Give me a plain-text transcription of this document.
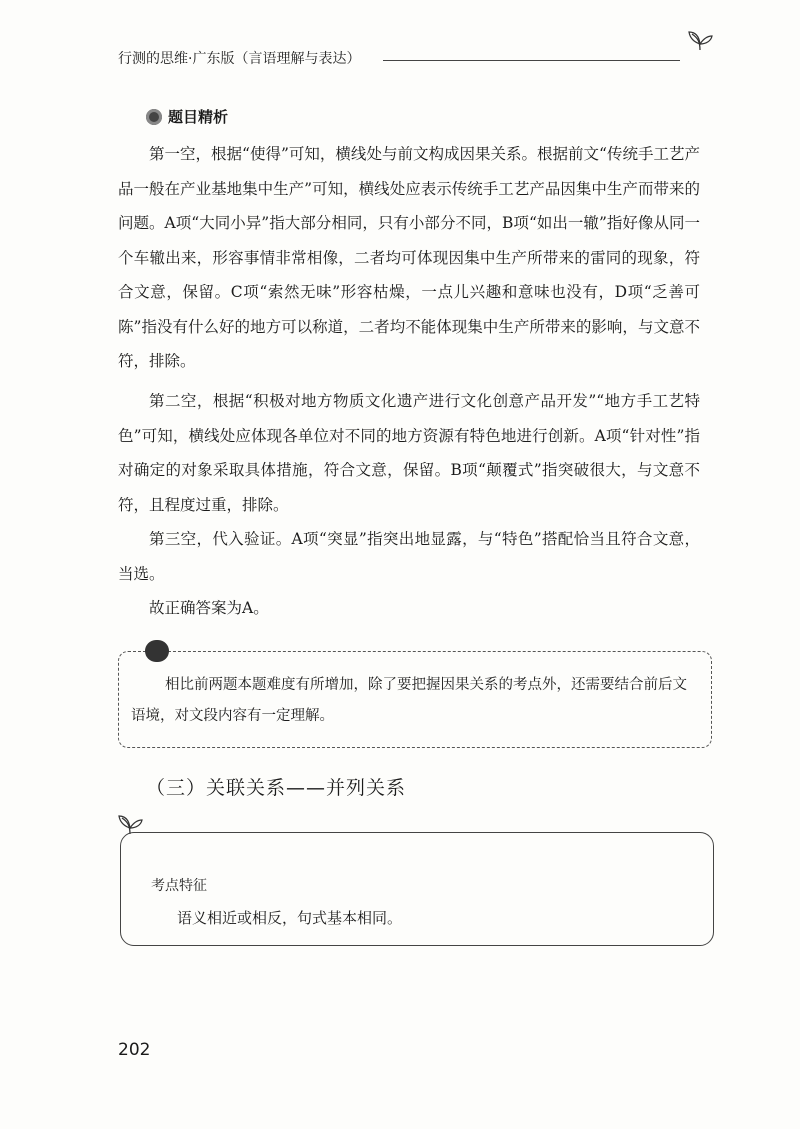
行测的思维·广东版（言语理解与表达）
题目精析

第一空，根据“使得”可知，横线处与前文构成因果关系。根据前文“传统手工艺产品一般在产业基地集中生产”可知，横线处应表示传统手工艺产品因集中生产而带来的问题。A项“大同小异”指大部分相同，只有小部分不同，B项“如出一辙”指好像从同一个车辙出来，形容事情非常相像，二者均可体现因集中生产所带来的雷同的现象，符合文意，保留。C项“索然无味”形容枯燥，一点儿兴趣和意味也没有，D项“乏善可陈”指没有什么好的地方可以称道，二者均不能体现集中生产所带来的影响，与文意不符，排除。

第二空，根据“积极对地方物质文化遗产进行文化创意产品开发”“地方手工艺特色”可知，横线处应体现各单位对不同的地方资源有特色地进行创新。A项“针对性”指对确定的对象采取具体措施，符合文意，保留。B项“颠覆式”指突破很大，与文意不符，且程度过重，排除。

第三空，代入验证。A项“突显”指突出地显露，与“特色”搭配恰当且符合文意，当选。

故正确答案为A。

相比前两题本题难度有所增加，除了要把握因果关系的考点外，还需要结合前后文语境，对文段内容有一定理解。

（三）关联关系——并列关系
考点特征
语义相近或相反，句式基本相同。
202
